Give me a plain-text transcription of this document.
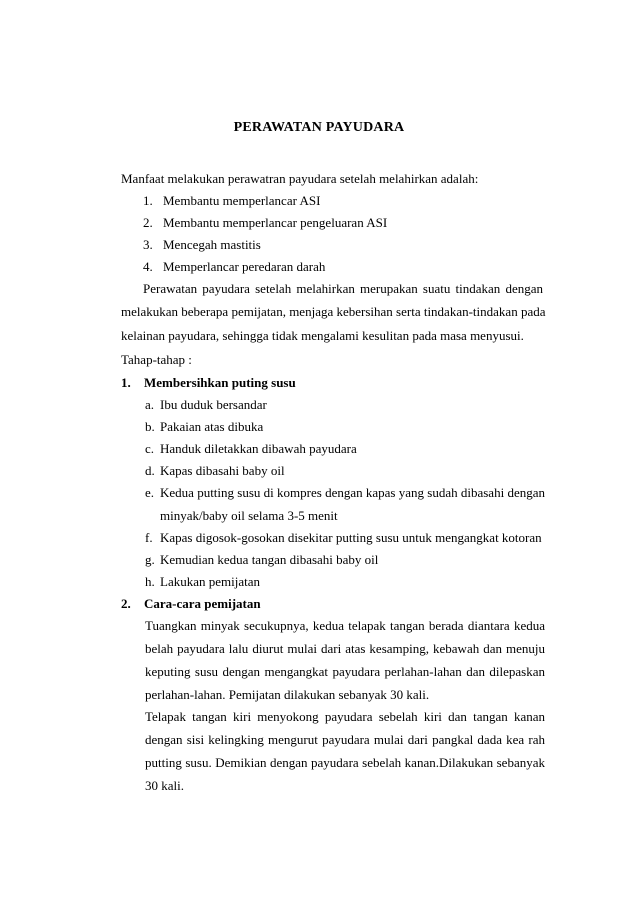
PERAWATAN PAYUDARA
Manfaat melakukan perawatran payudara setelah melahirkan adalah:
1. Membantu memperlancar ASI
2. Membantu memperlancar pengeluaran ASI
3. Mencegah mastitis
4. Memperlancar peredaran darah
Perawatan payudara setelah melahirkan merupakan suatu tindakan dengan
melakukan beberapa pemijatan, menjaga kebersihan serta tindakan-tindakan pada
kelainan payudara, sehingga tidak mengalami kesulitan pada masa menyusui.
Tahap-tahap :
1. Membersihkan puting susu
a. Ibu duduk bersandar
b. Pakaian atas dibuka
c. Handuk diletakkan dibawah payudara
d. Kapas dibasahi baby oil
e. Kedua putting susu di kompres dengan kapas yang sudah dibasahi dengan
minyak/baby oil selama 3-5 menit
f. Kapas digosok-gosokan disekitar putting susu untuk mengangkat kotoran
g. Kemudian kedua tangan dibasahi baby oil
h. Lakukan pemijatan
2. Cara-cara pemijatan
Tuangkan minyak secukupnya, kedua telapak tangan berada diantara kedua
belah payudara lalu diurut mulai dari atas kesamping, kebawah dan menuju
keputing susu dengan mengangkat payudara perlahan-lahan dan dilepaskan
perlahan-lahan. Pemijatan dilakukan sebanyak 30 kali.
Telapak tangan kiri menyokong payudara sebelah kiri dan tangan kanan
dengan sisi kelingking mengurut payudara mulai dari pangkal dada kea rah
putting susu. Demikian dengan payudara sebelah kanan.Dilakukan sebanyak
30 kali.
